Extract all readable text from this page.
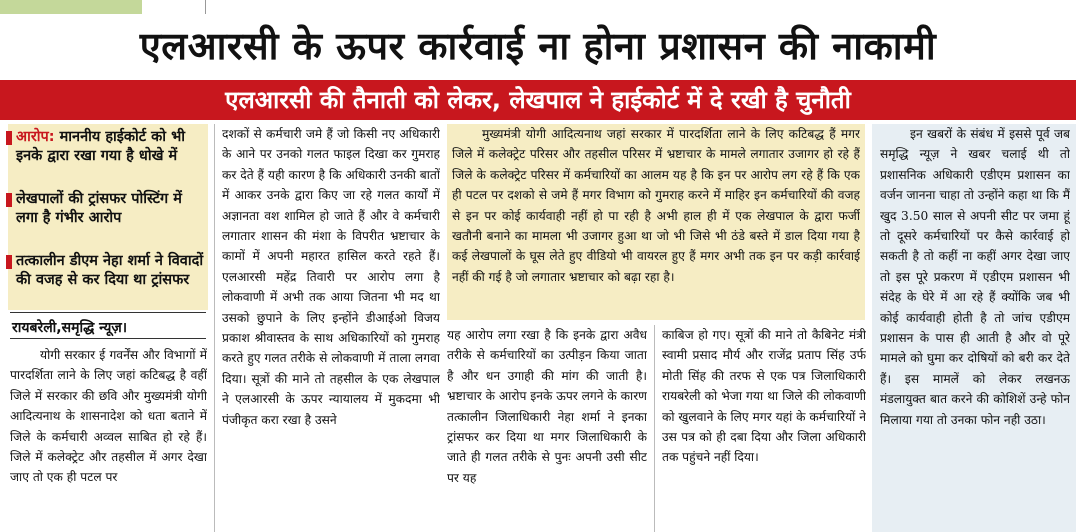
एलआरसी के ऊपर कार्रवाई ना होना प्रशासन की नाकामी
एलआरसी की तैनाती को लेकर, लेखपाल ने हाईकोर्ट में दे रखी है चुनौती
आरोप: माननीय हाईकोर्ट को भी इनके द्वारा रखा गया है धोखे में
लेखपालों की ट्रांसफर पोस्टिंग में लगा है गंभीर आरोप
तत्कालीन डीएम नेहा शर्मा ने विवादों की वजह से कर दिया था ट्रांसफर
रायबरेली,समृद्धि न्यूज़।

योगी सरकार ई गवर्नेंस और विभागों में पारदर्शिता लाने के लिए जहां कटिबद्ध है वहीं जिले में सरकार की छवि और मुख्यमंत्री योगी आदित्यनाथ के शासनादेश को धता बताने में जिले के कर्मचारी अव्वल साबित हो रहे हैं। जिले में कलेक्ट्रेट और तहसील में अगर देखा जाए तो एक ही पटल पर

दशकों से कर्मचारी जमे हैं जो किसी नए अधिकारी के आने पर उनको गलत फाइल दिखा कर गुमराह कर देते हैं यही कारण है कि अधिकारी उनकी बातों में आकर उनके द्वारा किए जा रहे गलत कार्यों में अज्ञानता वश शामिल हो जाते हैं और वे कर्मचारी लगातार शासन की मंशा के विपरीत भ्रष्टाचार के कामों में अपनी महारत हासिल करते रहते हैं। एलआरसी महेंद्र तिवारी पर आरोप लगा है लोकवाणी में अभी तक आया जितना भी मद था उसको छुपाने के लिए इन्होंने डीआईओ विजय प्रकाश श्रीवास्तव के साथ अधिकारियों को गुमराह करते हुए गलत तरीके से लोकवाणी में ताला लगवा दिया। सूत्रों की माने तो तहसील के एक लेखपाल ने एलआरसी के ऊपर न्यायालय में मुकदमा भी पंजीकृत करा रखा है उसने

मुख्यमंत्री योगी आदित्यनाथ जहां सरकार में पारदर्शिता लाने के लिए कटिबद्ध हैं मगर जिले में कलेक्ट्रेट परिसर और तहसील परिसर में भ्रष्टाचार के मामले लगातार उजागर हो रहे हैं जिले के कलेक्ट्रेट परिसर में कर्मचारियों का आलम यह है कि इन पर आरोप लग रहे हैं कि एक ही पटल पर दशको से जमे हैं मगर विभाग को गुमराह करने में माहिर इन कर्मचारियों की वजह से इन पर कोई कार्यवाही नहीं हो पा रही है अभी हाल ही में एक लेखपाल के द्वारा फर्जी खतौनी बनाने का मामला भी उजागर हुआ था जो भी जिसे भी ठंडे बस्ते में डाल दिया गया है कई लेखपालों के घूस लेते हुए वीडियो भी वायरल हुए हैं मगर अभी तक इन पर कड़ी कार्रवाई नहीं की गई है जो लगातार भ्रष्टाचार को बढ़ा रहा है।

यह आरोप लगा रखा है कि इनके द्वारा अवैध तरीके से कर्मचारियों का उत्पीड़न किया जाता है और धन उगाही की मांग की जाती है। भ्रष्टाचार के आरोप इनके ऊपर लगने के कारण तत्कालीन जिलाधिकारी नेहा शर्मा ने इनका ट्रांसफर कर दिया था मगर जिलाधिकारी के जाते ही गलत तरीके से पुनः अपनी उसी सीट पर यह

काबिज हो गए। सूत्रों की माने तो कैबिनेट मंत्री स्वामी प्रसाद मौर्य और राजेंद्र प्रताप सिंह उर्फ मोती सिंह की तरफ से एक पत्र जिलाधिकारी रायबरेली को भेजा गया था जिले की लोकवाणी को खुलवाने के लिए मगर यहां के कर्मचारियों ने उस पत्र को ही दबा दिया और जिला अधिकारी तक पहुंचने नहीं दिया।

इन खबरों के संबंध में इससे पूर्व जब समृद्धि न्यूज़ ने खबर चलाई थी तो प्रशासनिक अधिकारी एडीएम प्रशासन का वर्जन जानना चाहा तो उन्होंने कहा था कि मैं खुद 3.50 साल से अपनी सीट पर जमा हूं तो दूसरे कर्मचारियों पर कैसे कार्रवाई हो सकती है तो कहीं ना कहीं अगर देखा जाए तो इस पूरे प्रकरण में एडीएम प्रशासन भी संदेह के घेरे में आ रहे हैं क्योंकि जब भी कोई कार्यवाही होती है तो जांच एडीएम प्रशासन के पास ही आती है और वो पूरे मामले को घुमा कर दोषियों को बरी कर देते हैं। इस मामलें को लेकर लखनऊ मंडलायुक्त बात करने की कोशिशें उन्हे फोन मिलाया गया तो उनका फोन नही उठा।
